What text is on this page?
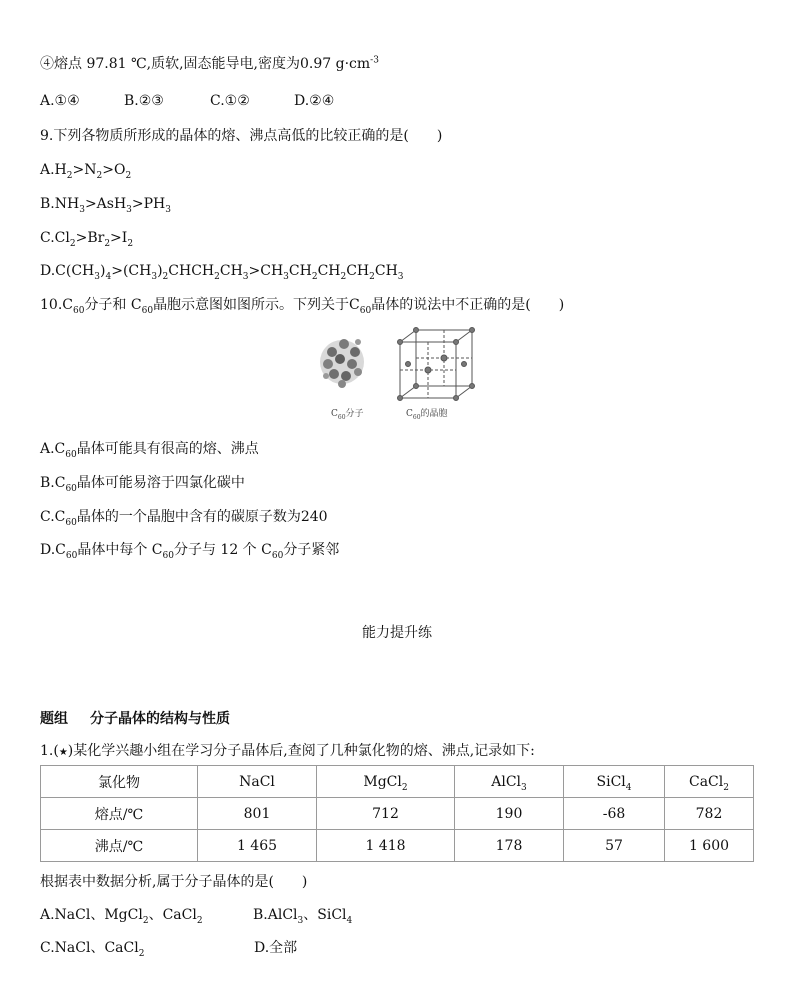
④熔点 97.81 ℃,质软,固态能导电,密度为0.97 $g\cdot cm^{-3}$
A.①④	B.②③	C.①②	D.②④
9.下列各物质所形成的晶体的熔、沸点高低的比较正确的是(　　)
$A.H_2>N_2>O_2$
$B.NH_3>AsH_3>PH_3$
$C.Cl_2>Br_2>I_2$
$D.C(CH_3)_4>(CH_3)_2CHCH_2CH_3>CH_3CH_2CH_2CH_2CH_3$
$10.C_{60}$分子和 $C_{60}$晶胞示意图如图所示。下列关于$C_{60}$晶体的说法中不正确的是(　　)
$C_{60}$分子	$C_{60}$的晶胞
$A.C_{60}$晶体可能具有很高的熔、沸点
$B.C_{60}$晶体可能易溶于四氯化碳中
$C.C_{60}$晶体的一个晶胞中含有的碳原子数为240
$D.C_{60}$晶体中每个 $C_{60}$分子与 12 个 $C_{60}$分子紧邻
能力提升练
题组 分子晶体的结构与性质
1.(★)某化学兴趣小组在学习分子晶体后,查阅了几种氯化物的熔、沸点,记录如下:
氯化物	NaCl	MgCl$_2$	AlCl$_3$	SiCl$_4$	CaCl$_2$
熔点/℃	801	712	190	-68	782
沸点/℃	1 465	1 418	178	57	1 600
根据表中数据分析,属于分子晶体的是(　　)
A.NaCl、MgCl$_2$、CaCl$_2$	B.AlCl$_3$、SiCl$_4$
C.NaCl、CaCl$_2$	D.全部
